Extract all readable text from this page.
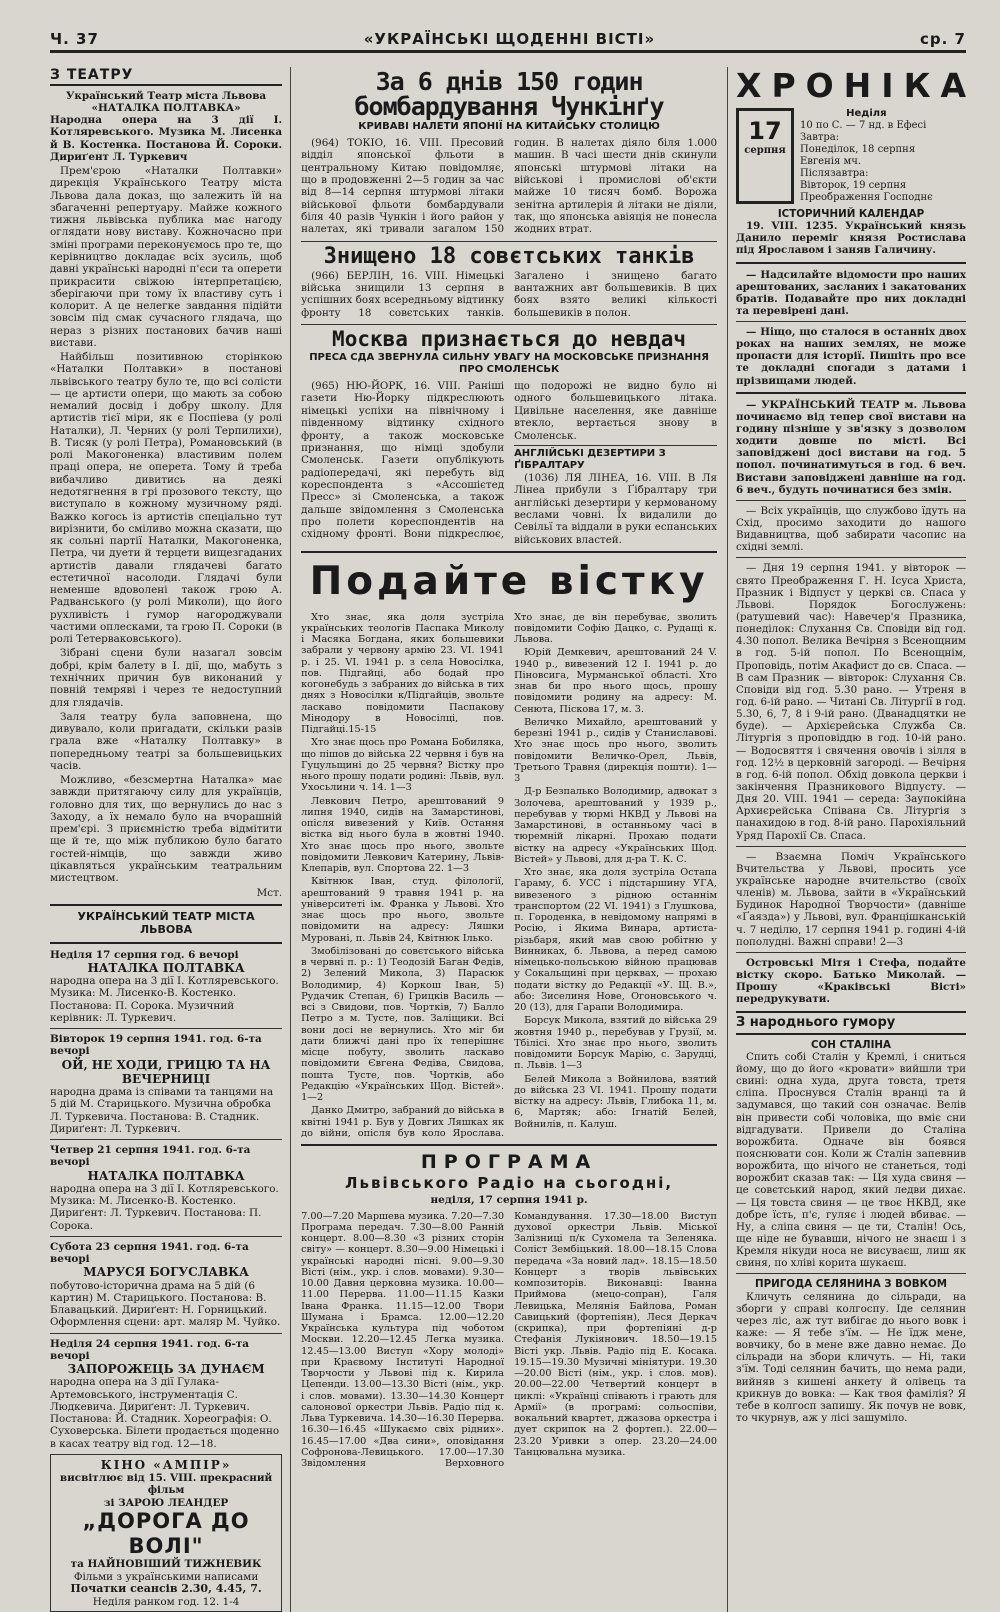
Ч. 37	«УКРАЇНСЬКІ ЩОДЕННІ ВІСТІ»	ср. 7
З ТЕАТРУ
Український Театр міста Львова
«НАТАЛКА ПОЛТАВКА»

Народна опера на 3 дії І. Котляревського. Музика М. Лисенка й В. Костенка. Постанова Й. Сороки. Дириґент Л. Туркевич

Прем'єрою «Наталки Полтавки» дирекція Українського Театру міста Львова дала доказ, що залежить їй на збагаченні репертуару. Майже кожного тижня львівська публика має нагоду оглядати нову виставу. Кожночасно при зміні програми переконуємось про те, що керівництво докладає всіх зусиль, щоб давні українські народні п'єси та оперети прикрасити свіжою інтерпретацією, зберігаючи при тому їх властиву суть і колорит. А це нелегке завдання підійти зовсім під смак сучасного глядача, що нераз з різних постанових бачив наші вистави.

Найбільш позитивною сторінкою «Наталки Полтавки» в постанові львівського театру було те, що всі солісти — це артисти опери, що мають за собою немалий досвід і добру школу. Для артистів тієї міри, як є Поспіева (у ролі Наталки), Л. Черних (у ролі Терпилихи), В. Тисяк (у ролі Петра), Романовський (в ролі Макогоненка) властивим полем праці опера, не оперета. Тому й треба вибачливо дивитись на деякі недотягнення в грі прозового тексту, що виступало в кожному музичному ряді. Важко когось із артистів спеціально тут вирізнити, бо сміливо можна сказати, що як сольні партії Наталки, Макогоненка, Петра, чи дуети й терцети вищезгаданих артистів давали глядачеві багато естетичної насолоди. Глядачі були неменше вдоволені також грою А. Радванського (у ролі Миколи), що його рухливість і гумор нагороджували частими оплесками, та грою П. Сороки (в ролі Тетерваковського).

Зібрані сцени були назагал зовсім добрі, крім балету в І. дії, що, мабуть з технічних причин був виконаний у повній темряві і через те недоступний для глядачів.

Заля театру була заповнена, що дивувало, коли пригадати, скільки разів грала вже «Наталку Полтавку» в попередньому театрі за большевицьких часів.

Можливо, «безсмертна Наталка» має завжди притягаючу силу для українців, головно для тих, що вернулись до нас з Заходу, а їх немало було на вчорашній прем'єрі. З приємністю треба відмітити ще й те, що між публикою було багато гостей-німців, що завжди живо цікавляться українським театральним мистецтвом.

Мст.
УКРАЇНСЬКИЙ ТЕАТР МІСТА ЛЬВОВА
Неділя 17 серпня год. 6 вечорі
НАТАЛКА ПОЛТАВКА
народна опера на 3 дії І. Котляревського. Музика: М. Лисенко-В. Костенко. Постанова: П. Сорока. Музичний керівник: Л. Туркевич.
Вівторок 19 серпня 1941. год. 6-та вечорі
ОЙ, НЕ ХОДИ, ГРИЦЮ ТА НА ВЕЧЕРНИЦІ
народна драма із співами та танцями на 5 дій М. Старицького. Музична обробка Л. Туркевича. Постанова: В. Стадник. Дириґент: Л. Туркевич.
Четвер 21 серпня 1941. год. 6-та вечорі
НАТАЛКА ПОЛТАВКА
народна опера на 3 дії І. Котляревського. Музика: М. Лисенко-В. Костенко. Дириґент: Л. Туркевич. Постанова: П. Сорока.
Субота 23 серпня 1941. год. 6-та вечорі
МАРУСЯ БОГУСЛАВКА
побутово-історична драма на 5 дій (6 картин) М. Старицького. Постанова: В. Блавацький. Дириґент: Н. Горницький. Оформлення сцени: арт. маляр М. Чуйко.
Неділя 24 серпня 1941. год. 6-та вечорі
ЗАПОРОЖЕЦЬ ЗА ДУНАЄМ
народна опера на 3 дії Гулака-Артемовського, інструментація С. Людкевича. Дириґент: Л. Туркевич. Постанова: Й. Стадник. Хореографія: О. Суховерська. Білети продається щоденно в касах театру від год. 12—18.
КІНО «АМПІР»
висвітлює від 15. VIII. прекрасний фільм
зі ЗАРОЮ ЛЕАНДЕР
„ДОРОГА ДО ВОЛІ"
та НАЙНОВІШИЙ ТИЖНЕВИК
Фільми з українськими написами
Початки сеансів 2.30, 4.45, 7.
Неділя ранком год. 12. 1-4
За 6 днів 150 годин бомбардування Чункінґу
КРИВАВІ НАЛЕТИ ЯПОНІЇ НА КИТАЙСЬКУ СТОЛИЦЮ

(964) ТОКІО, 16. VIII. Пресовий відділ японської фльоти в центральному Китаю повідомляє, що в продовженні 2—5 годин за час від 8—14 серпня штурмові літаки військової фльоти бомбардували біля 40 разів Чункін і його район у налетах, які тривали загалом 150 годин. В налетах діяло біля 1.000 машин. В часі шести днів скинули японські штурмові літаки на військові і промислові об'єкти майже 10 тисяч бомб. Ворожа зенітна артилерія й літаки не діяли, так, що японська авіяція не понесла жодних втрат.

Знищено 18 совєтських танків

(966) БЕРЛІН, 16. VIII. Німецькі війська знищили 13 серпня в успішних боях всередньому відтинку фронту 18 совєтських танків. Загалено і знищено багато вантажних авт большевиків. В цих боях взято великі кількості большевиків в полон.

Москва признається до невдач
ПРЕСА СДА ЗВЕРНУЛА СИЛЬНУ УВАГУ НА МОСКОВСЬКЕ ПРИЗНАННЯ ПРО СМОЛЕНСЬК

(965) НЮ-ЙОРК, 16. VIII. Раніші газети Ню-Йорку підкреслюють німецькі успіхи на північному і південному відтинку східного фронту, а також московське признання, що німці здобули Смоленськ. Газети опублікують радіопередачі, які перебуть від кореспондента з «Ассошієтед Пресс» зі Смоленська, а також дальше звідомлення з Смоленська про полети кореспондентів на східному фронті. Вони підкреслює, що подорожі не видно було ні одного большевицького літака. Цивільне населення, яке давніше втекло, вертається знову в Смоленськ.

АНГЛІЙСЬКІ ДЕЗЕРТИРИ З ҐІБРАЛТАРУ

(1036) ЛЯ ЛІНЕА, 16. VIII. В Ля Лінеа прибули з Ґібралтару три англійські дезертири у кермованому веслами човні. Їх видалили до Севільї та віддали в руки еспанських військових властей.

Подайте вістку

Хто знає, яка доля зустріла українських теологів Паспака Миколу і Масяка Богдана, яких большевики забрали у червону армію 23. VI. 1941 р. і 25. VI. 1941 р. з села Новосілка, пов. Підгайці, або бодай про когонебудь з забраних до війська в тих днях з Новосілки к/Підгайців, звольте ласкаво повідомити Паспакову Мінодору в Новосілці, пов. Підгайці.15-15

Хто знає щось про Романа Бобиляка, що пішов до війська 22 червня і був на Гуцульщині до 25 червня? Вістку про нього прошу подати родині: Львів, вул. Ухосьлини ч. 14. 1—3

Левкович Петро, арештований 9 липня 1940, сидів на Замарстинові, опісля вивезений у Київ. Остання вістка від нього була в жовтні 1940. Хто знає щось про нього, звольте повідомити Левкович Катерину, Львів-Клепарів, вул. Спортова 22. 1—3

Квітнюк Іван, студ. філології, арештований 9 травня 1941 р. на університеті ім. Франка у Львові. Хто знає щось про нього, звольте повідомити на адресу: Ляшки Муровані, п. Львів 24, Квітнюк Ілько.

Змобілізовані до совєтського війська в червні п. р.: 1) Теодозій Баган Федів, 2) Зелений Микола, 3) Парасюк Володимир, 4) Коркош Іван, 5) Рудачик Степан, 6) Грицків Василь — всі з Свидови, пов. Чортків, 7) Балло Петро з м. Тусте, пов. Заліщики. Всі вони досі не вернулись. Хто міг би дати ближчі дані про їх теперішнє місце побуту, зволить ласкаво повідомити Євгена Федіва, Свидова, пошта Тусте, пов. Чортків, або Редакцію «Українських Щод. Вістей». 1—2

Данко Дмитро, забраний до війська в квітні 1941 р. Був у Довгих Ляшках як до війни, опісля був коло Ярослава. Хто знає, де він перебуває, зволить повідомити Софію Дацко, с. Рудащі к. Львова.

Юрій Демкевич, арештований 24 V. 1940 р., вивезений 12 I. 1941 р. до Піновсига, Мурманської області. Хто знав би про нього щось, прошу повідомити родину на адресу: М. Сенюта, Піскова 17, м. 3.

Величко Михайло, арештований у березні 1941 р., сидів у Станиславові. Хто знає щось про нього, зволить повідомити Величко-Орел, Львів, Третього Травня (дирекція пошти). 1—3

Д-р Безпалько Володимир, адвокат з Золочева, арештований у 1939 р., перебував у тюрмі НКВД у Львові на Замарстинові, в останньому часі в тюремній лікарні. Прохаю подати вістку на адресу «Українських Щод. Вістей» у Львові, для д-ра Т. К. С.

Хто знає, яка доля зустріла Остапа Гараму, б. УСС і підстаршину УГА, вивезеного з рідною останнім транспортом (22 VI. 1941) з Глушкова, п. Городенка, в невідомому напрямі в Росію, і Якима Винара, артиста-різьбаря, який мав свою робітню у Винниках, б. Львова, а перед самою німецько-польською війною працював у Сокальщині при церквах, — прохаю подати вістку до Редакції «У. Щ. В.», або: Зиселиня Нове, Огоновського ч. 20 (13), для Гарапи Володимира.

Борсук Микола, взятий до війська 29 жовтня 1940 р., перебував у Грузії, м. Тбілісі. Хто знає про нього, зволить повідомити Борсук Марію, с. Зарудці, п. Львів. 1—3

Белей Микола з Войнилова, взятий до війська 23 VI. 1941. Прошу подати вістку на адресу: Львів, Глибока 11, м. 6, Мартяк; або: Ігнатій Белей, Войнилів, п. Калуш.

ПРОГРАМА
Львівського Радіо на сьогодні,
неділя, 17 серпня 1941 р.

7.00—7.20 Маршева музика. 7.20—7.30 Програма передач. 7.30—8.00 Ранній концерт. 8.00—8.30 «З різних сторін світу» — концерт. 8.30—9.00 Німецькі і українські народні пісні. 9.00—9.30 Вісті (нім., укр. і слов. мовами). 9.30—10.00 Давня церковна музика. 10.00—11.00 Перерва. 11.00—11.15 Казки Івана Франка. 11.15—12.00 Твори Шумана і Брамса. 12.00—12.20 Українська культура під чоботом Москви. 12.20—12.45 Легка музика. 12.45—13.00 Виступ «Хору молоді» при Краєвому Інституті Народної Творчости у Львові під к. Кирила Цепенди. 13.00—13.30 Вісті (нім., укр. і слов. мовами). 13.30—14.30 Концерт салонової оркестри Львів. Радіо під к. Льва Туркевича. 14.30—16.30 Перерва. 16.30—16.45 «Шукаємо свіх рідних». 16.45—17.00 «Два сини», оповідання Софронова-Левицького. 17.00—17.30 Звідомлення Верховного Командування. 17.30—18.00 Виступ духової оркестри Львів. Міської Залізниці п/к Сухомела та Зеленяка. Соліст Зембіцький. 18.00—18.15 Слова передача «За новий лад». 18.15—18.50 Концерт з творів львівських композиторів. Виконавці: Іванна Приймова (мецо-сопран), Галя Левицька, Мелянія Байлова, Роман Савицький (фортепіян), Леся Деркач (скрипка), при фортепіяні д-р Стефанія Лукіянович. 18.50—19.15 Вісті укр. Львів. Радіо під Е. Косака. 19.15—19.30 Музичні мініятури. 19.30—20.00 Вісті (нім., укр. і слов. мов). 20.00—22.00 Четвертий концерт в циклі: «Українці співають і грають для Армії» (в програмі: сольоспіви, вокальний квартет, джазова оркестра і дует скрипок на 2 фортеп.). 22.00—23.20 Уривки з опер. 23.20—24.00 Танцювальна музика.

ХРОНІКА
17
серпня
Неділя
10 по С. — 7 нд. в Ефесі
Завтра:
Понеділок, 18 серпня
Евгенія мч.
Післязавтра:
Вівторок, 19 серпня
Преображення Господнє
ІСТОРИЧНИЙ КАЛЕНДАР

19. VIII. 1235. Український князь Данило переміг князя Ростислава під Ярославом і заняв Галичину.

— Надсилайте відомости про наших арештованих, засланих і закатованих братів. Подавайте про них докладні та перевірені дані.

— Нiщо, що сталося в останніх двох роках на наших землях, не може пропасти для історії. Пишіть про все те докладні спогади з датами і прізвищами людей.

— УКРАЇНСЬКИЙ ТЕАТР м. Львова починаємо від тепер свої вистави на годину пізніше у зв'язку з дозволом ходити довше по місті. Всі заповіджені досі вистави на год. 5 попол. починатимуться в год. 6 веч. Вистави заповіджені давніше на год. 6 веч., будуть починатися без змін.

— Всіх українців, що службово їдуть на Схід, просимо заходити до нашого Видавництва, щоб забирати часопис на східні землі.

— Дня 19 серпня 1941. у вівторок — свято Преображення Г. Н. Ісуса Христа, Празник і Відпуст у церкві св. Спаса у Львові. Порядок Богослужень: (ратушевий час): Навечер'я Празника, понеділок: Слухання Св. Сповіди від год. 4.30 попол. Велика Вечірня з Всенощним в год. 5-ій попол. По Всенощнім, Проповідь, потім Акафист до св. Спаса. — В сам Празник — вівторок: Слухання Св. Сповіди від год. 5.30 рано. — Утреня в год. 6-ій рано. — Читані Св. Літургії в год. 5.30, 6, 7, 8 і 9-ій рано. (Дванадцятки не буде). — Архієрейська Служба Св. Літургія з проповіддю в год. 10-ій рано. — Водосвяття і свячення овочів і зілля в год. 12½ в церковній загороді. — Вечірня в год. 6-ій попол. Обхід довкола церкви і закінчення Празникового Відпусту. — Дня 20. VIII. 1941 — середа: Заупокійна Архиєрейська Співана Св. Літургія з панахидою в год. 8-ій рано. Парохіяльний Уряд Парохії Св. Спаса.

— Взаємна Поміч Українського Вчительства у Львові, просить усе українське народне вчительство (своїх членів) м. Львова, зайти в «Український Будинок Народної Творчости» (давніше «Ґаязда») у Львові, вул. Францішканській ч. 7 неділю, 17 серпня 1941 р. годині 4-ій пополудні. Важні справи! 2—3

Островські Мітя і Стефа, подайте вістку скоро. Батько Миколай. — Прошу «Краківські Вісті» передрукувати.

З народнього гумору
СОН СТАЛІНА

Спить собі Сталін у Кремлі, і сниться йому, що до його «кровати» вийшли три свині: одна худа, друга товста, третя сліпа. Проснувся Сталін вранці та й задумався, що такий сон означає. Велів він привести собі чоловіка, що вміє сни відгадувати. Привели до Сталіна ворожбита. Одначе він боявся пояснювати сон. Коли ж Сталін запевнив ворожбита, що нічого не станеться, тоді ворожбит сказав так: — Ця худа свиня — це совєтський народ, який ледви дихає. — Ця товста свиня — це твоє НКВД, яке добре їсть, п'є, гуляє і людей вбиває. — Ну, а сліпа свиня — це ти, Сталін! Ось, ще ніде не бувавши, нічого не знаєш і з Кремля нікуди носа не висуваєш, лиш як свиня, по хліві корита шукаєш.

ПРИГОДА СЕЛЯНИНА З ВОВКОМ

Кличуть селянина до сільради, на зборги у справі колгоспу. Іде селянин через ліс, аж тут вибігає до нього вовк і каже: — Я тебе з'їм. — Не їдж мене, вовчику, бо в мене вже давно немає. До сільради на збори кличуть. — Ні, таки з'їм. Тоді селянин бачить, що нема ради, вийняв з кишені анкету й олівець та крикнув до вовка: — Как твоя фамілія? Я тебе в колгосп запишу. Як почув не вовк, то чкурнув, аж у лісі зашуміло.
